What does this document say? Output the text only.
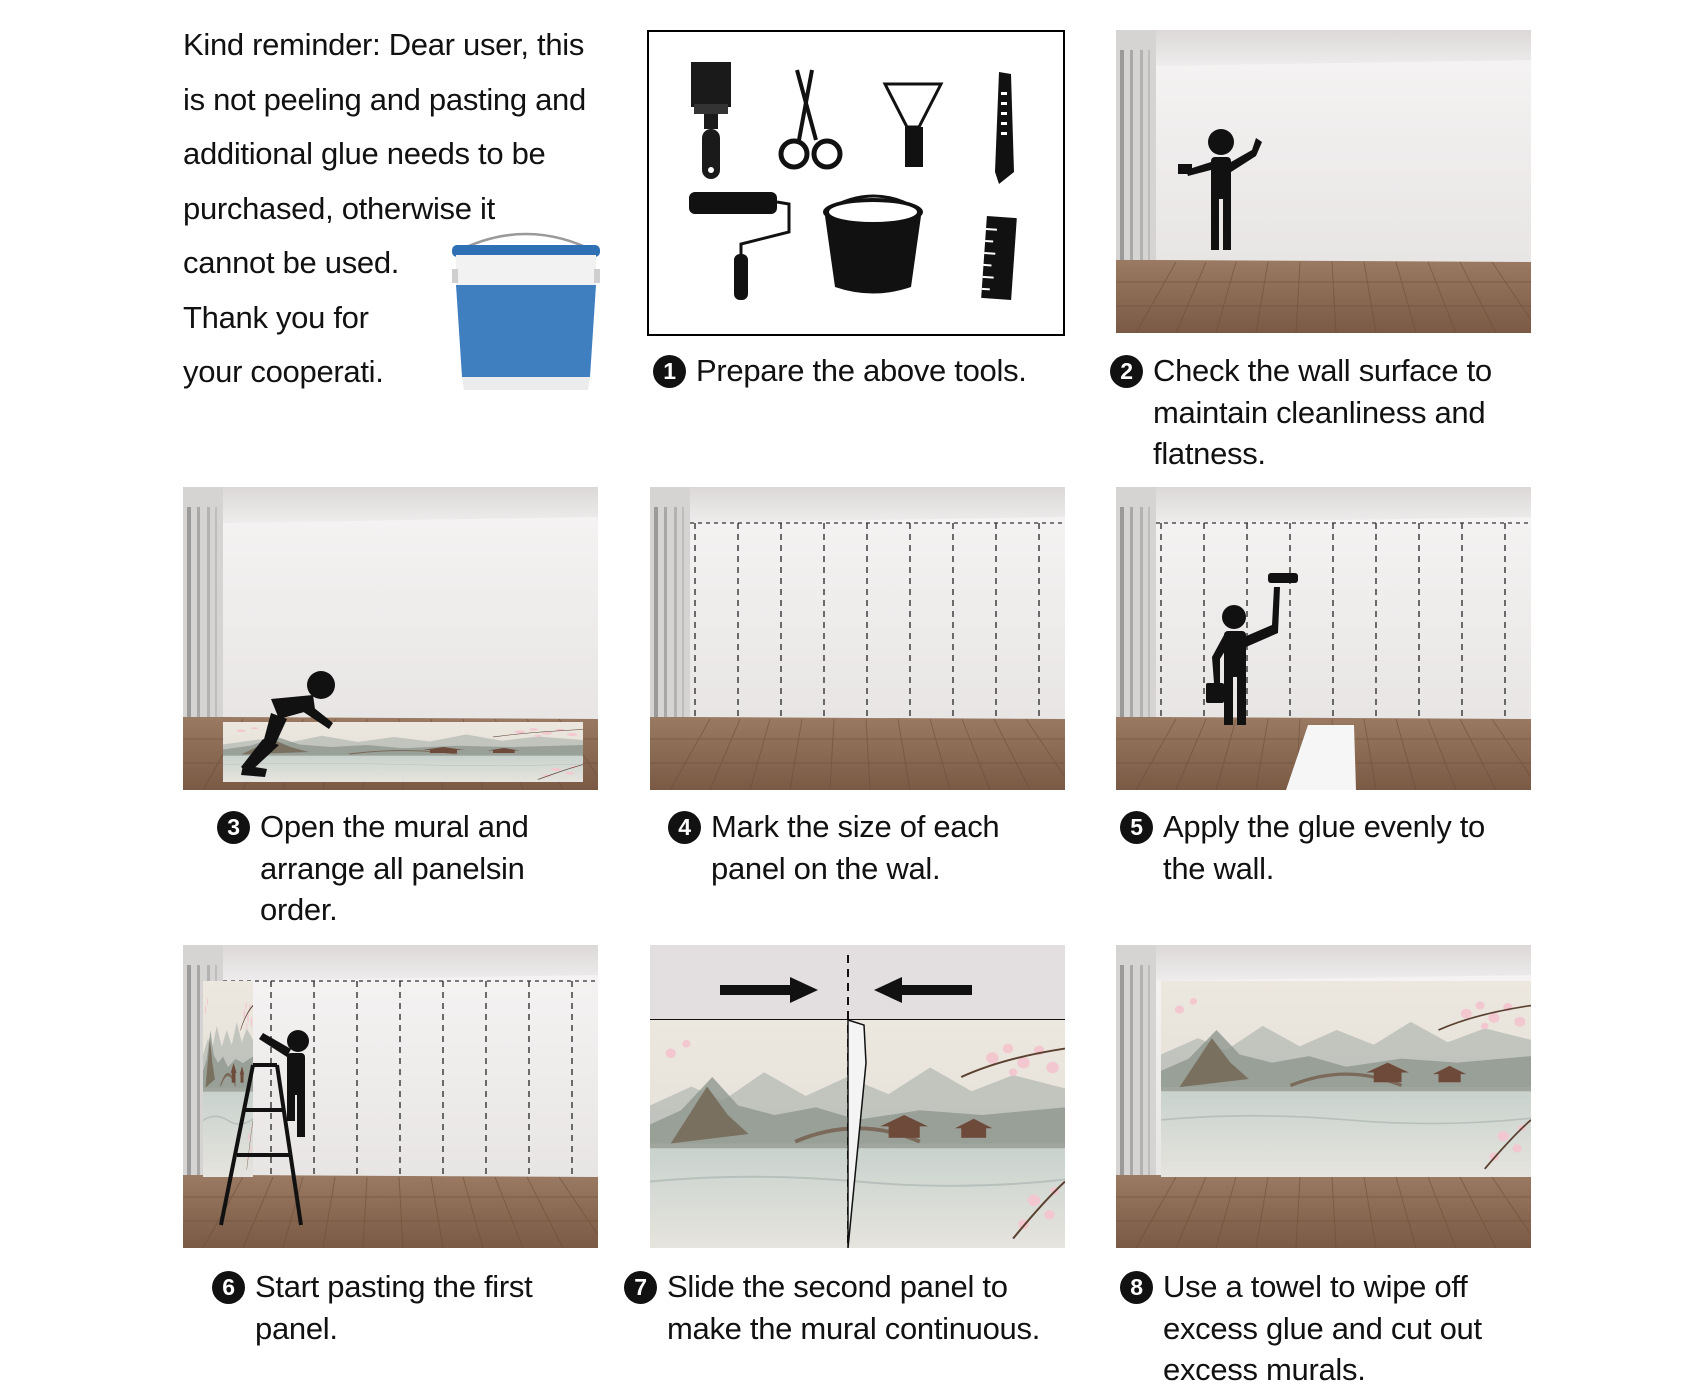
Kind reminder: Dear user, this

is not peeling and pasting and

additional glue needs to be

purchased, otherwise it

cannot be used.

Thank you for

your cooperati.	1 Prepare the above tools.	2 Check the wall surface to
maintain cleanliness and
flatness.
3 Open the mural and
arrange all panelsin
order.
4 Mark the size of each
panel on the wal.
5 Apply the glue evenly to
the wall.
6 Start pasting the first
panel.
7 Slide the second panel to
make the mural continuous.
8 Use a towel to wipe off
excess glue and cut out
excess murals.
